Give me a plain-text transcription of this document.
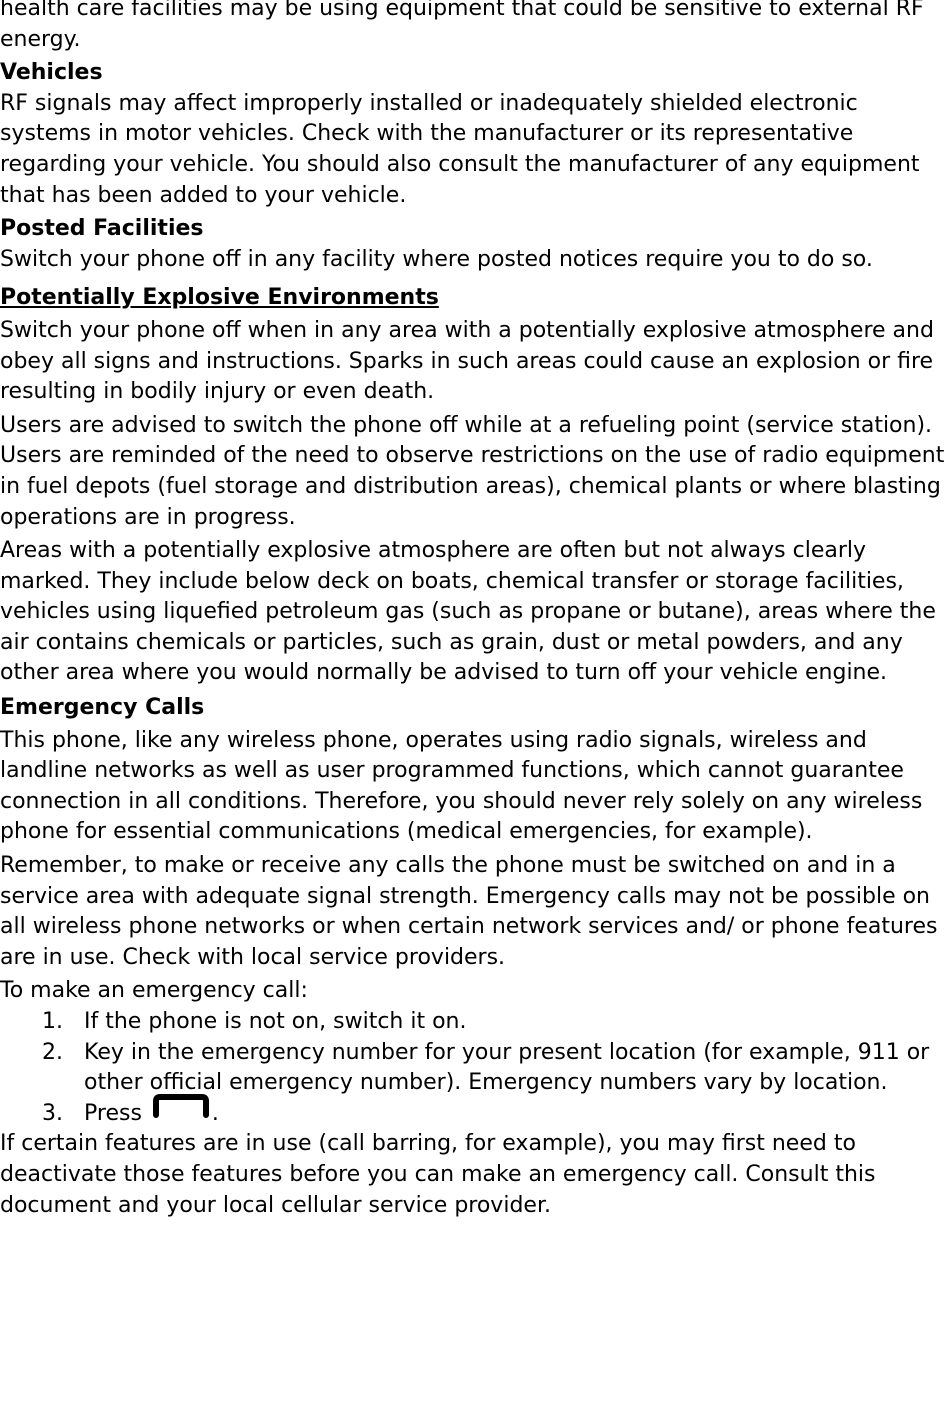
health care facilities may be using equipment that could be sensitive to external RF energy.

Vehicles

RF signals may affect improperly installed or inadequately shielded electronic systems in motor vehicles. Check with the manufacturer or its representative regarding your vehicle. You should also consult the manufacturer of any equipment that has been added to your vehicle.

Posted Facilities

Switch your phone off in any facility where posted notices require you to do so.

Potentially Explosive Environments

Switch your phone off when in any area with a potentially explosive atmosphere and obey all signs and instructions. Sparks in such areas could cause an explosion or fire resulting in bodily injury or even death.

Users are advised to switch the phone off while at a refueling point (service station). Users are reminded of the need to observe restrictions on the use of radio equipment in fuel depots (fuel storage and distribution areas), chemical plants or where blasting operations are in progress.

Areas with a potentially explosive atmosphere are often but not always clearly marked. They include below deck on boats, chemical transfer or storage facilities, vehicles using liquefied petroleum gas (such as propane or butane), areas where the air contains chemicals or particles, such as grain, dust or metal powders, and any other area where you would normally be advised to turn off your vehicle engine.

Emergency Calls

This phone, like any wireless phone, operates using radio signals, wireless and landline networks as well as user programmed functions, which cannot guarantee connection in all conditions. Therefore, you should never rely solely on any wireless phone for essential communications (medical emergencies, for example).

Remember, to make or receive any calls the phone must be switched on and in a service area with adequate signal strength. Emergency calls may not be possible on all wireless phone networks or when certain network services and/ or phone features are in use. Check with local service providers.

To make an emergency call:

1. If the phone is not on, switch it on.
2. Key in the emergency number for your present location (for example, 911 or other official emergency number). Emergency numbers vary by location.
3. Press	.

If certain features are in use (call barring, for example), you may first need to deactivate those features before you can make an emergency call. Consult this document and your local cellular service provider.
